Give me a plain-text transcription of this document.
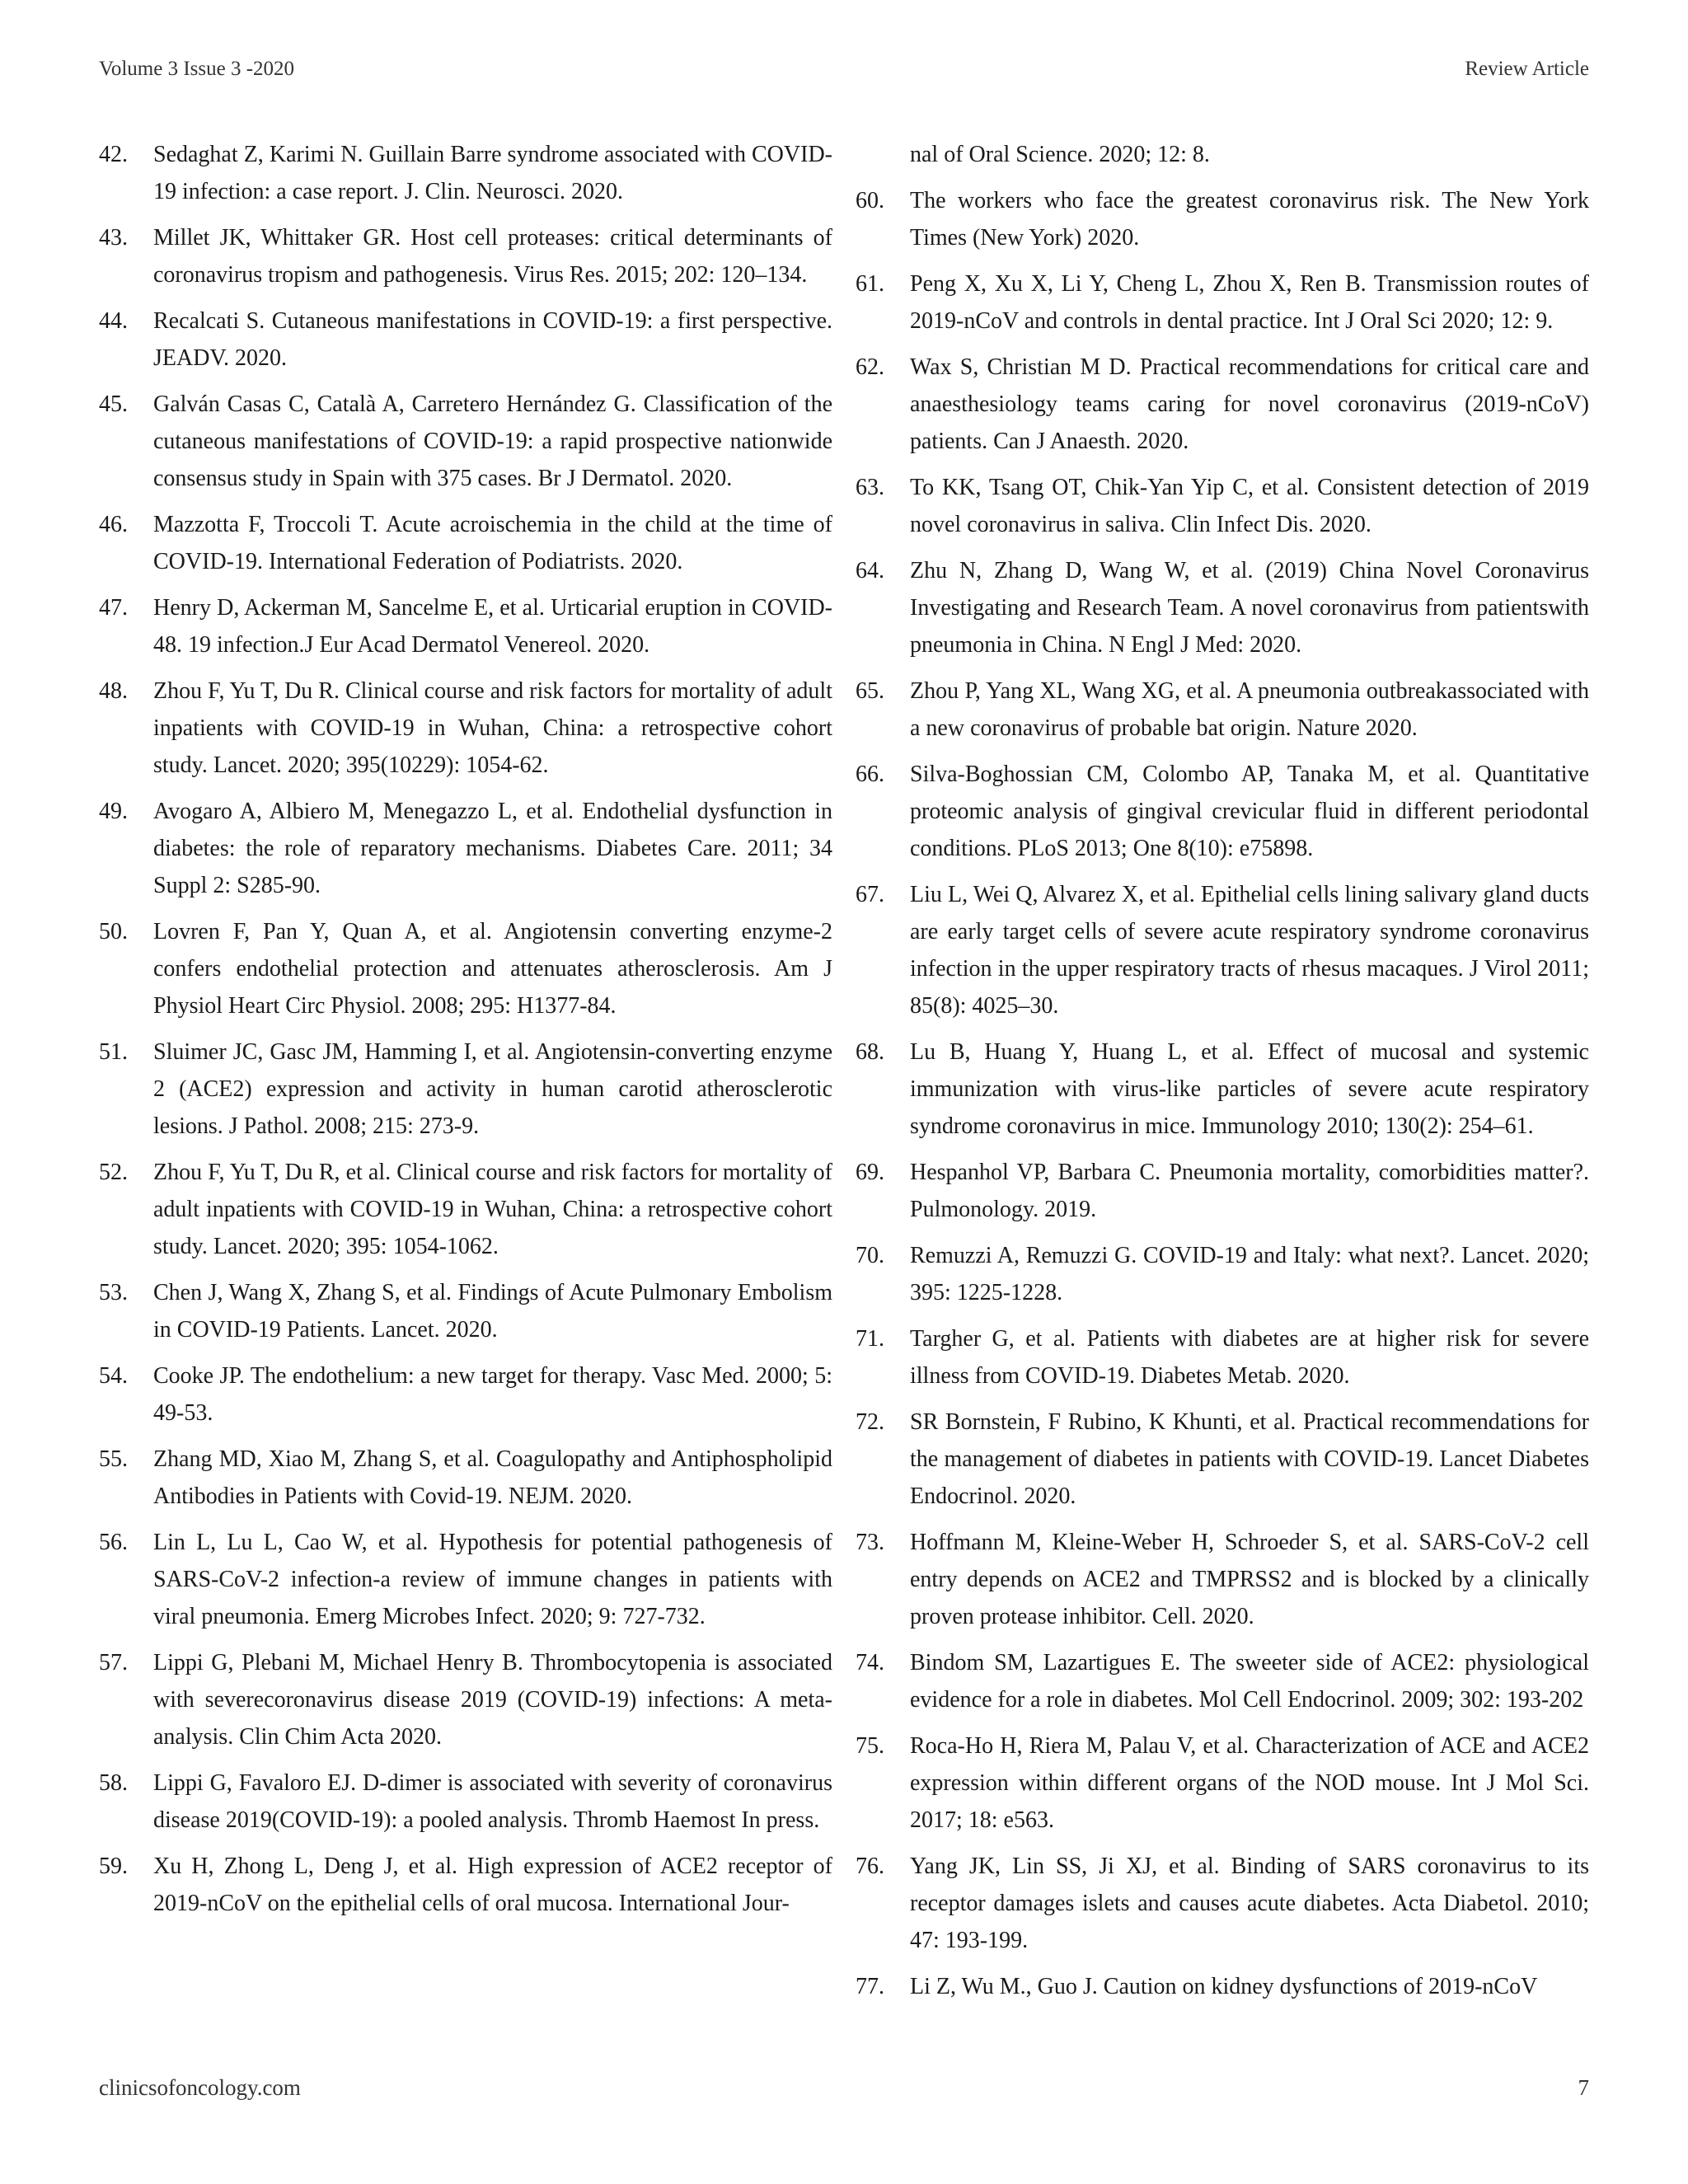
Volume 3 Issue 3 -2020	Review Article
42.	Sedaghat Z, Karimi N. Guillain Barre syndrome associated with COVID-19 infection: a case report. J. Clin. Neurosci. 2020.
43.	Millet JK, Whittaker GR. Host cell proteases: critical determinants of coronavirus tropism and pathogenesis. Virus Res. 2015; 202: 120–134.
44.	Recalcati S. Cutaneous manifestations in COVID-19: a first perspective. JEADV. 2020.
45.	Galván Casas C, Català A, Carretero Hernández G. Classification of the cutaneous manifestations of COVID-19: a rapid prospective nationwide consensus study in Spain with 375 cases. Br J Dermatol. 2020.
46.	Mazzotta F, Troccoli T. Acute acroischemia in the child at the time of COVID-19. International Federation of Podiatrists. 2020.
47.	Henry D, Ackerman M, Sancelme E, et al. Urticarial eruption in COVID-48. 19 infection.J Eur Acad Dermatol Venereol. 2020.
48.	Zhou F, Yu T, Du R. Clinical course and risk factors for mortality of adult inpatients with COVID-19 in Wuhan, China: a retrospective cohort study. Lancet. 2020; 395(10229): 1054-62.
49.	Avogaro A, Albiero M, Menegazzo L, et al. Endothelial dysfunction in diabetes: the role of reparatory mechanisms. Diabetes Care. 2011; 34 Suppl 2: S285-90.
50.	Lovren F, Pan Y, Quan A, et al. Angiotensin converting enzyme-2 confers endothelial protection and attenuates atherosclerosis. Am J Physiol Heart Circ Physiol. 2008; 295: H1377-84.
51.	Sluimer JC, Gasc JM, Hamming I, et al. Angiotensin-converting enzyme 2 (ACE2) expression and activity in human carotid atherosclerotic lesions. J Pathol. 2008; 215: 273-9.
52.	Zhou F, Yu T, Du R, et al. Clinical course and risk factors for mortality of adult inpatients with COVID-19 in Wuhan, China: a retrospective cohort study. Lancet. 2020; 395: 1054-1062.
53.	Chen J, Wang X, Zhang S, et al. Findings of Acute Pulmonary Embolism in COVID-19 Patients. Lancet. 2020.
54.	Cooke JP. The endothelium: a new target for therapy. Vasc Med. 2000; 5: 49-53.
55.	Zhang MD, Xiao M, Zhang S, et al. Coagulopathy and Antiphospholipid Antibodies in Patients with Covid-19. NEJM. 2020.
56.	Lin L, Lu L, Cao W, et al. Hypothesis for potential pathogenesis of SARS-CoV-2 infection-a review of immune changes in patients with viral pneumonia. Emerg Microbes Infect. 2020; 9: 727-732.
57.	Lippi G, Plebani M, Michael Henry B. Thrombocytopenia is associated with severecoronavirus disease 2019 (COVID-19) infections: A meta-analysis. Clin Chim Acta 2020.
58.	Lippi G, Favaloro EJ. D-dimer is associated with severity of coronavirus disease 2019(COVID-19): a pooled analysis. Thromb Haemost In press.
59.	Xu H, Zhong L, Deng J, et al. High expression of ACE2 receptor of 2019-nCoV on the epithelial cells of oral mucosa. International Jour-
nal of Oral Science. 2020; 12: 8.
60.	The workers who face the greatest coronavirus risk. The New York Times (New York) 2020.
61.	Peng X, Xu X, Li Y, Cheng L, Zhou X, Ren B. Transmission routes of 2019-nCoV and controls in dental practice. Int J Oral Sci 2020; 12: 9.
62.	Wax S, Christian M D. Practical recommendations for critical care and anaesthesiology teams caring for novel coronavirus (2019-nCoV) patients. Can J Anaesth. 2020.
63.	To KK, Tsang OT, Chik-Yan Yip C, et al. Consistent detection of 2019 novel coronavirus in saliva. Clin Infect Dis. 2020.
64.	Zhu N, Zhang D, Wang W, et al. (2019) China Novel Coronavirus Investigating and Research Team. A novel coronavirus from patientswith pneumonia in China. N Engl J Med: 2020.
65.	Zhou P, Yang XL, Wang XG, et al. A pneumonia outbreakassociated with a new coronavirus of probable bat origin. Nature 2020.
66.	Silva-Boghossian CM, Colombo AP, Tanaka M, et al. Quantitative proteomic analysis of gingival crevicular fluid in different periodontal conditions. PLoS 2013; One 8(10): e75898.
67.	Liu L, Wei Q, Alvarez X, et al. Epithelial cells lining salivary gland ducts are early target cells of severe acute respiratory syndrome coronavirus infection in the upper respiratory tracts of rhesus macaques. J Virol 2011; 85(8): 4025–30.
68.	Lu B, Huang Y, Huang L, et al. Effect of mucosal and systemic immunization with virus-like particles of severe acute respiratory syndrome coronavirus in mice. Immunology 2010; 130(2): 254–61.
69.	Hespanhol VP, Barbara C. Pneumonia mortality, comorbidities matter?. Pulmonology. 2019.
70.	Remuzzi A, Remuzzi G. COVID-19 and Italy: what next?. Lancet. 2020; 395: 1225-1228.
71.	Targher G, et al. Patients with diabetes are at higher risk for severe illness from COVID-19. Diabetes Metab. 2020.
72.	SR Bornstein, F Rubino, K Khunti, et al. Practical recommendations for the management of diabetes in patients with COVID-19. Lancet Diabetes Endocrinol. 2020.
73.	Hoffmann M, Kleine-Weber H, Schroeder S, et al. SARS-CoV-2 cell entry depends on ACE2 and TMPRSS2 and is blocked by a clinically proven protease inhibitor. Cell. 2020.
74.	Bindom SM, Lazartigues E. The sweeter side of ACE2: physiological evidence for a role in diabetes. Mol Cell Endocrinol. 2009; 302: 193-202
75.	Roca-Ho H, Riera M, Palau V, et al. Characterization of ACE and ACE2 expression within different organs of the NOD mouse. Int J Mol Sci. 2017; 18: e563.
76.	Yang JK, Lin SS, Ji XJ, et al. Binding of SARS coronavirus to its receptor damages islets and causes acute diabetes. Acta Diabetol. 2010; 47: 193-199.
77.	Li Z, Wu M., Guo J. Caution on kidney dysfunctions of 2019-nCoV
clinicsofoncology.com	7
